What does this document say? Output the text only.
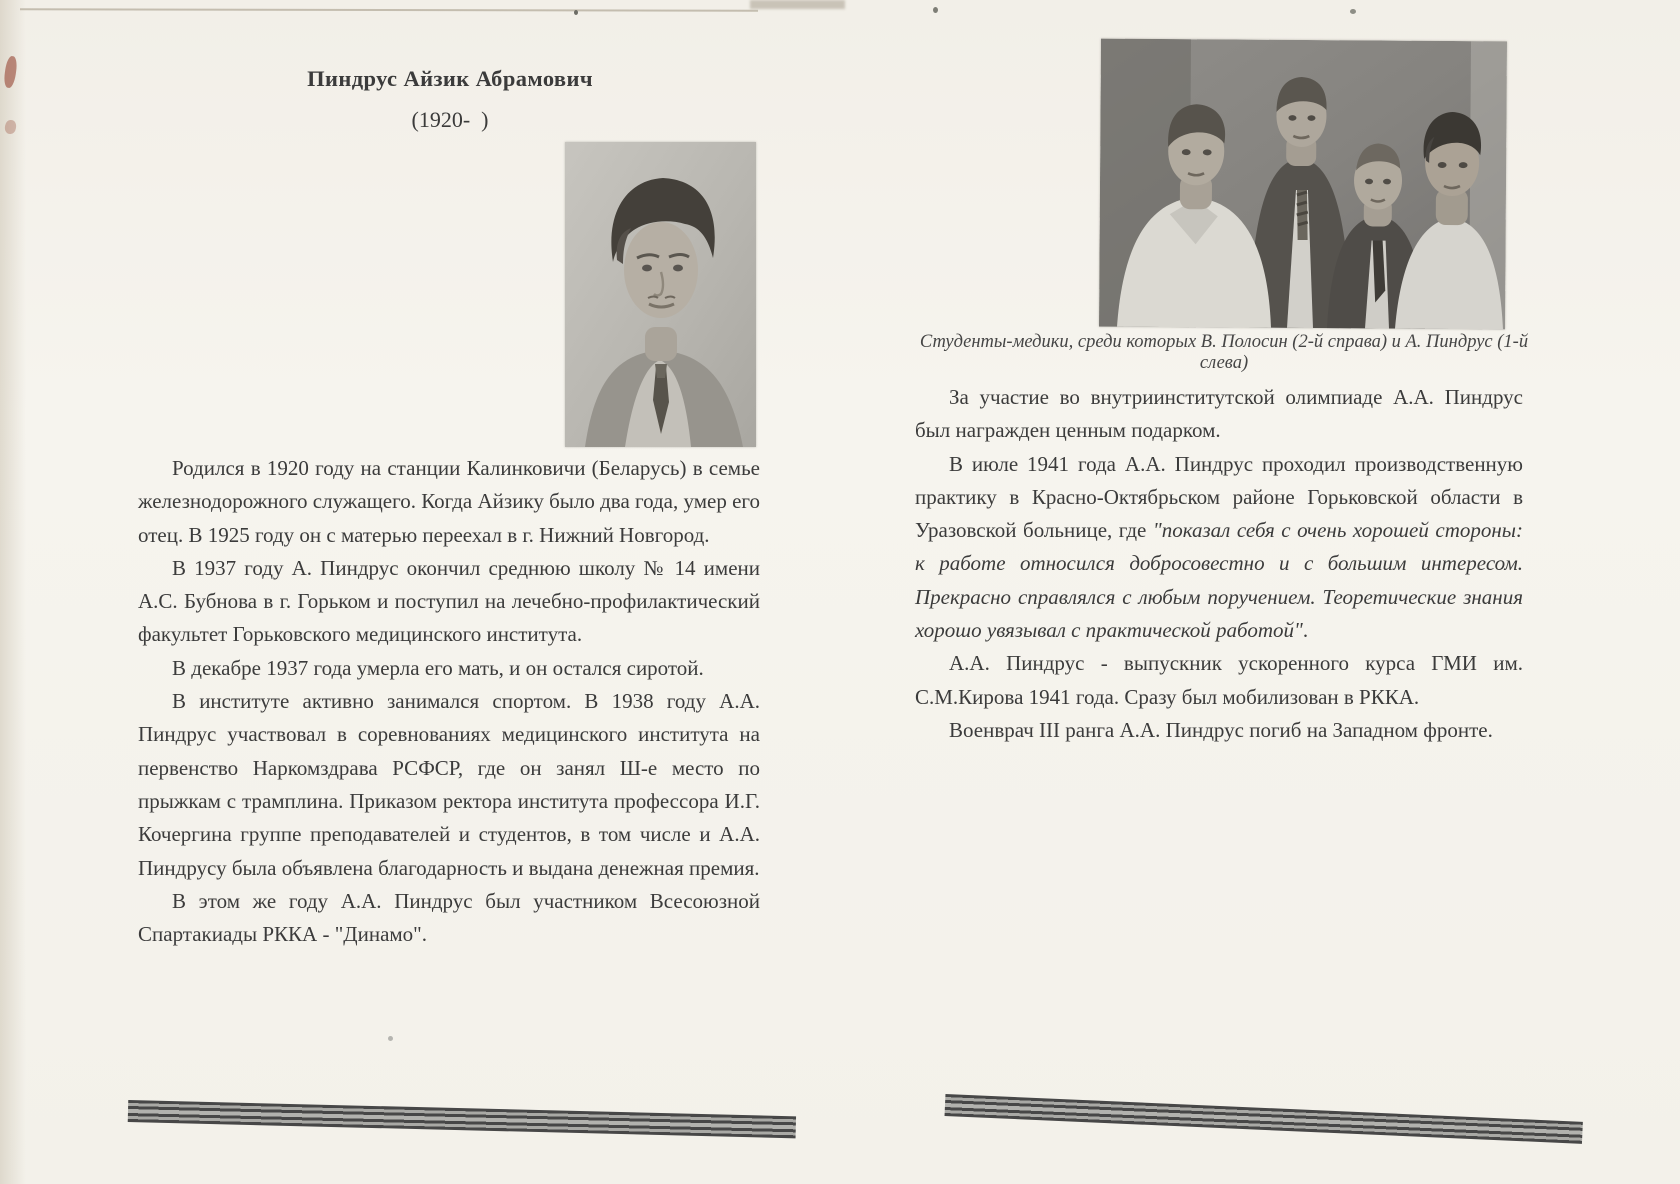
Пиндрус Айзик Абрамович
(1920-  )

Родился в 1920 году на станции Калинковичи (Беларусь) в семье железнодорожного служащего. Когда Айзику было два года, умер его отец. В 1925 году он с матерью переехал в г. Нижний Новгород.

В 1937 году А. Пиндрус окончил среднюю школу № 14 имени А.С. Бубнова в г. Горьком и поступил на лечебно-профилактический факультет Горьковского медицинского института.

В декабре 1937 года умерла его мать, и он остался сиротой.

В институте активно занимался спортом. В 1938 году А.А. Пиндрус участвовал в соревнованиях медицинского института на первенство Наркомздрава РСФСР, где он занял Ш-е место по прыжкам с трамплина. Приказом ректора института профессора И.Г. Кочергина группе преподавателей и студентов, в том числе и А.А. Пиндрусу была объявлена благодарность и выдана денежная премия.

В этом же году А.А. Пиндрус был участником Всесоюзной Спартакиады РККА - "Динамо".

Студенты-медики, среди которых В. Полосин (2-й справа) и А. Пиндрус (1-й слева)

За участие во внутриинститутской олимпиаде А.А. Пиндрус был награжден ценным подарком.

В июле 1941 года А.А. Пиндрус проходил производственную практику в Красно-Октябрьском районе Горьковской области в Уразовской больнице, где "показал себя с очень хорошей стороны: к работе относился добросовестно и с большим интересом. Прекрасно справлялся с любым поручением. Теоретические знания хорошо увязывал с практической работой".

А.А. Пиндрус - выпускник ускоренного курса ГМИ им. С.М.Кирова 1941 года. Сразу был мобилизован в РККА.

Военврач III ранга А.А. Пиндрус погиб на Западном фронте.
